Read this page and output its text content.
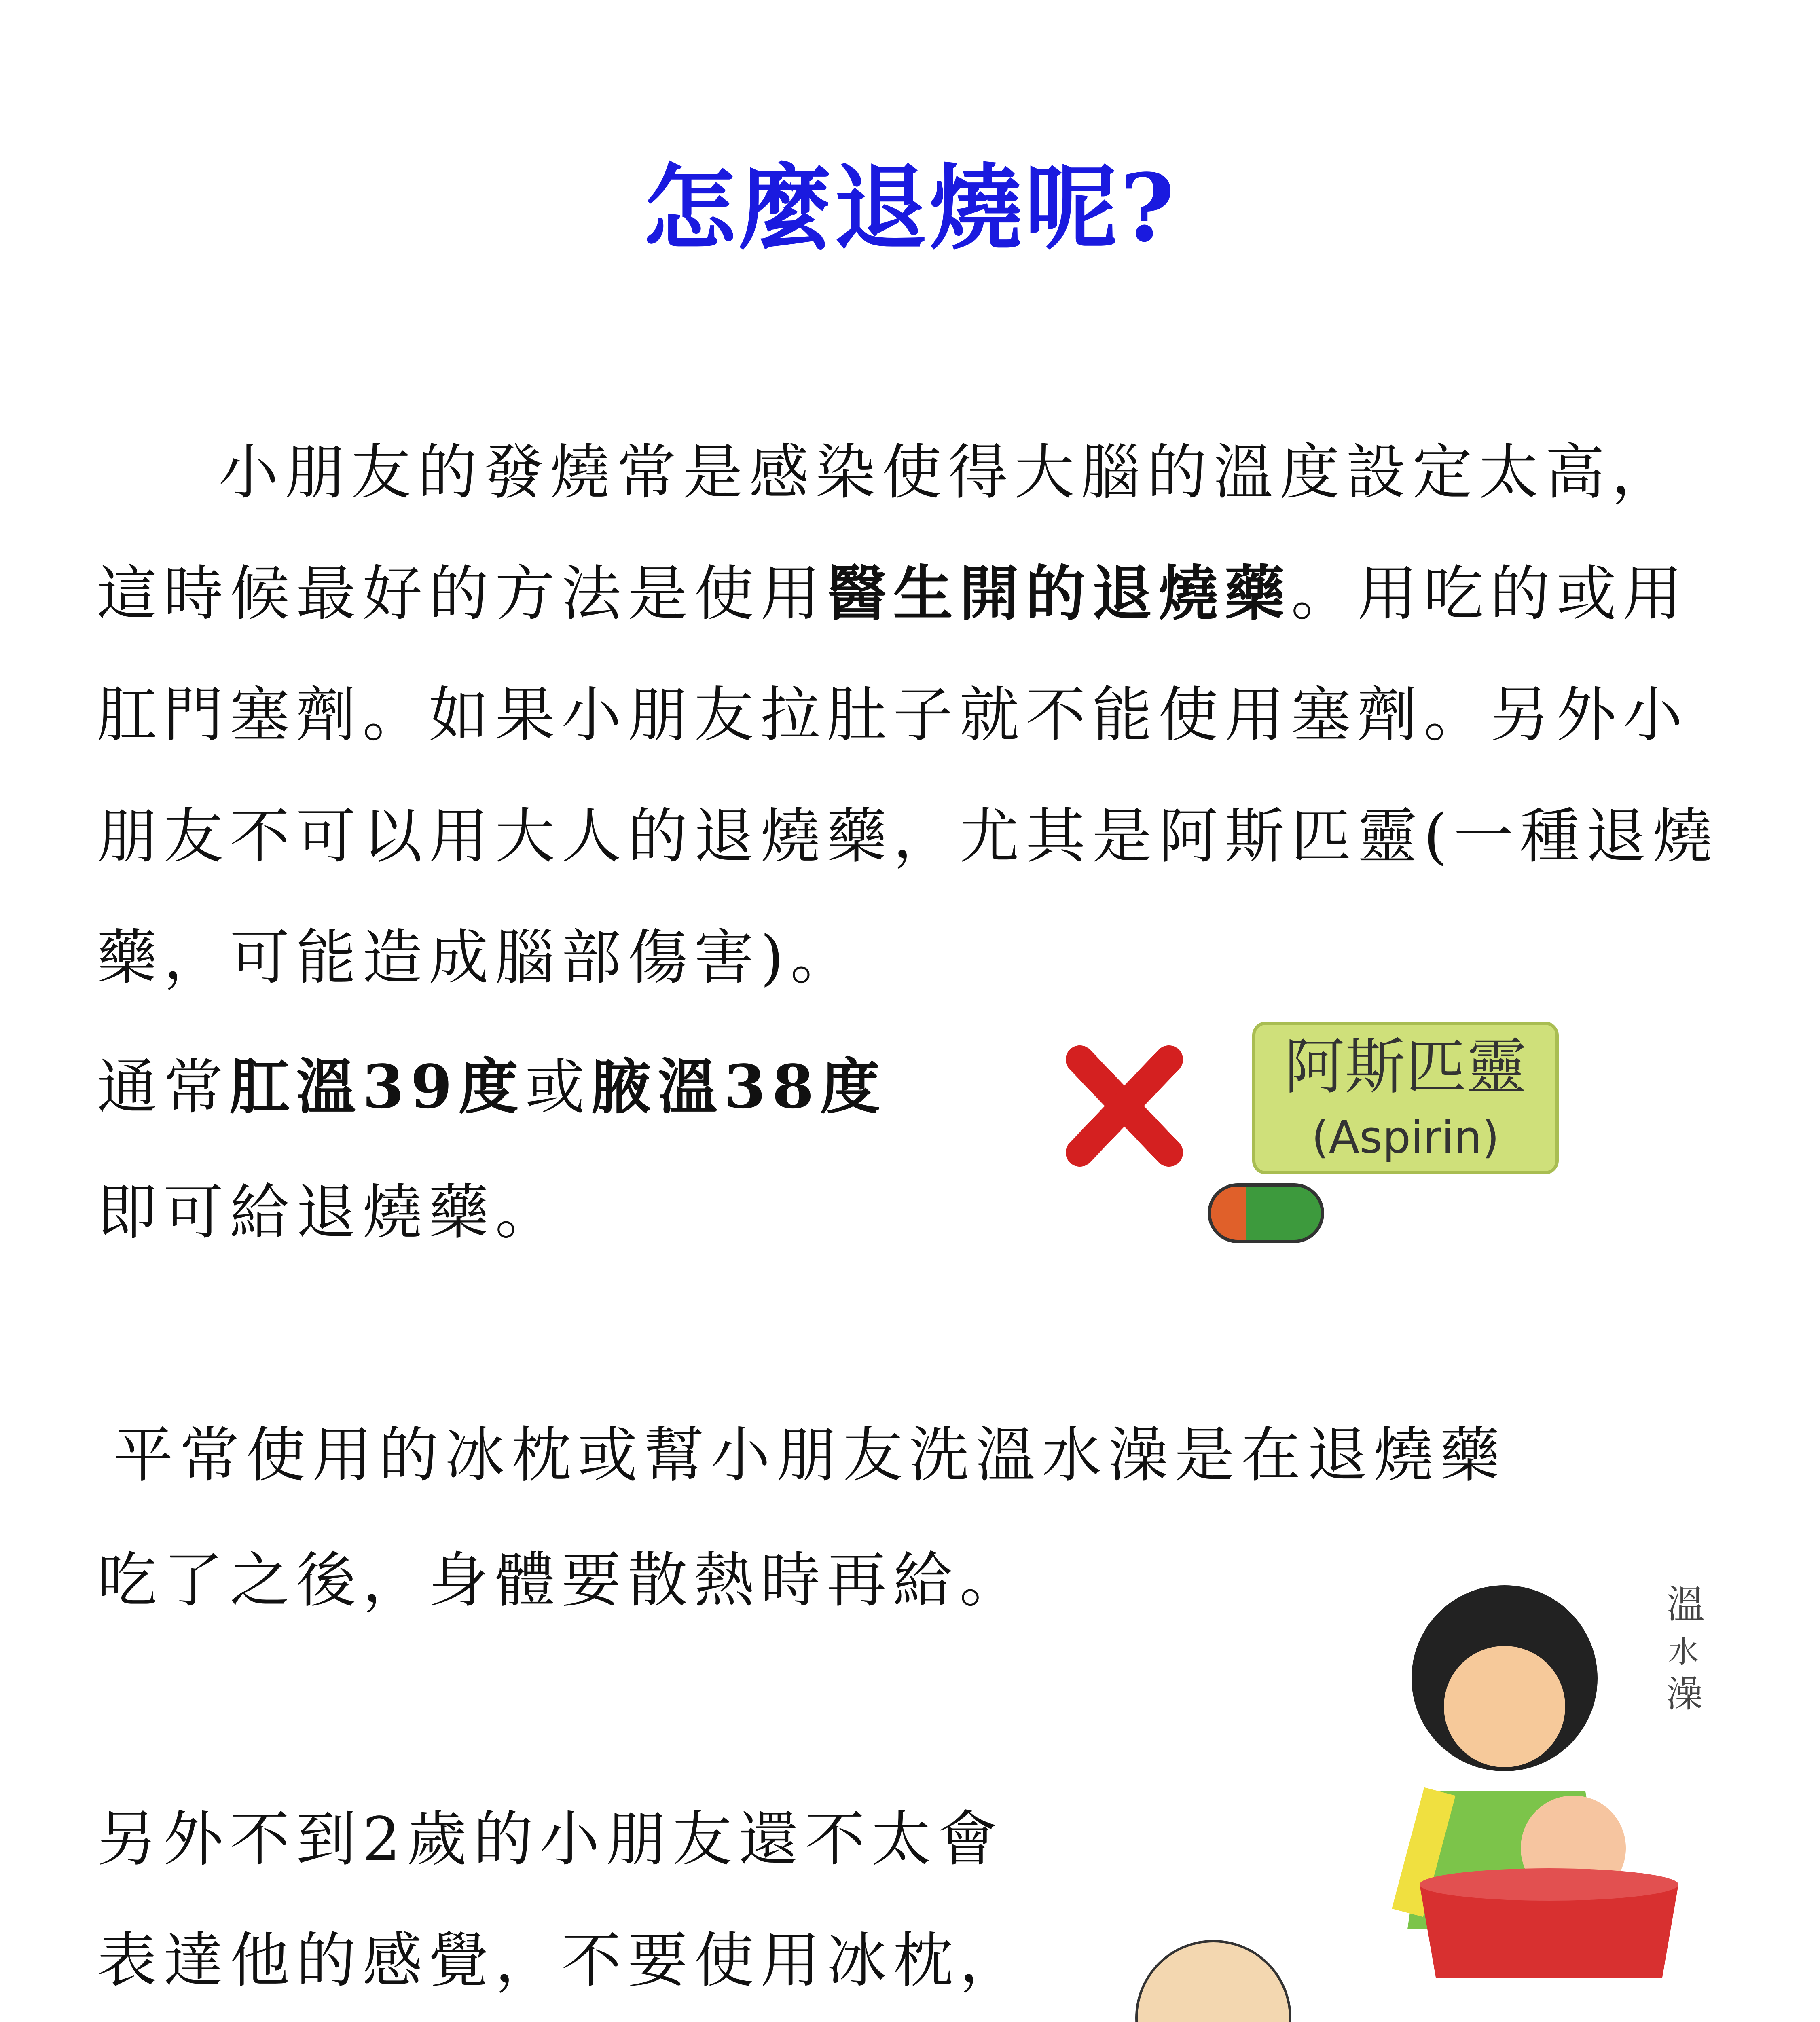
怎麼退燒呢?
小朋友的發燒常是感染使得大腦的溫度設定太高，
這時候最好的方法是使用醫生開的退燒藥。用吃的或用
肛門塞劑。如果小朋友拉肚子就不能使用塞劑。另外小
朋友不可以用大人的退燒藥，尤其是阿斯匹靈(一種退燒
藥，可能造成腦部傷害)。
通常肛溫39度或腋溫38度
即可給退燒藥。
阿斯匹靈
(Aspirin)
平常使用的冰枕或幫小朋友洗溫水澡是在退燒藥
吃了之後，身體要散熱時再給。	溫
水
澡
另外不到2歲的小朋友還不太會
表達他的感覺，不要使用冰枕，
